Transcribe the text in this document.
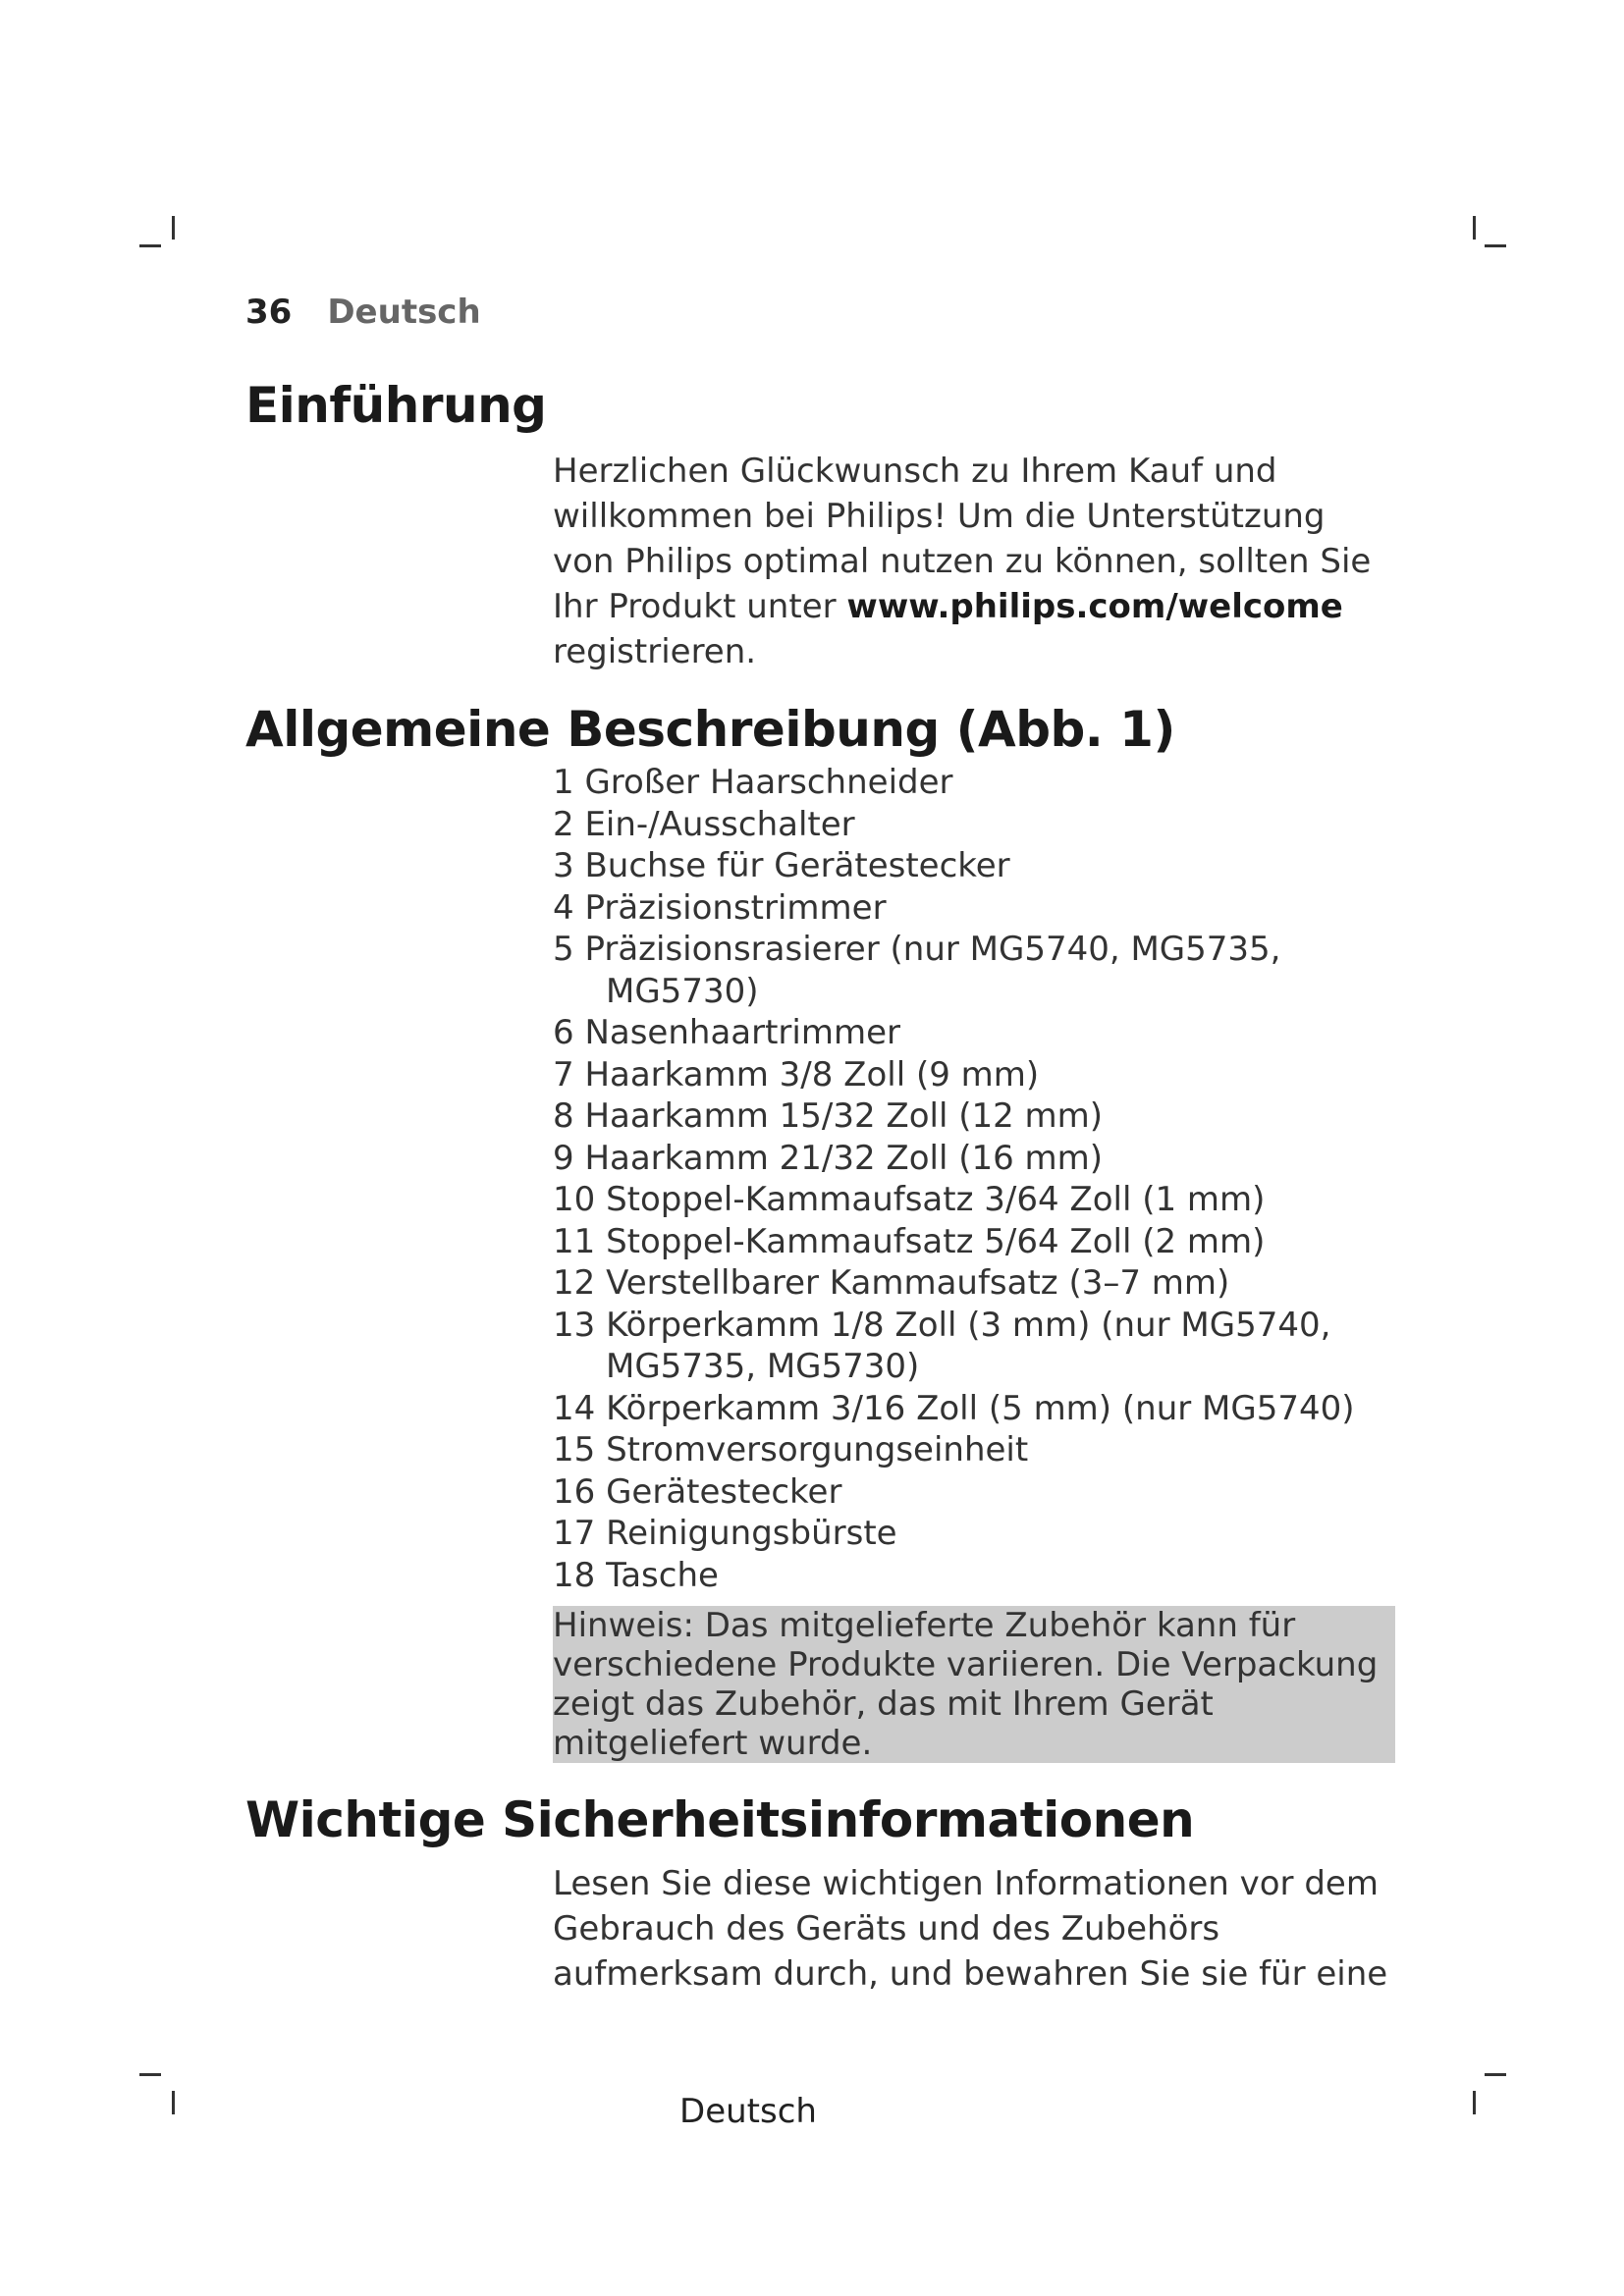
36 Deutsch
Einführung
Herzlichen Glückwunsch zu Ihrem Kauf und willkommen bei Philips! Um die Unterstützung von Philips optimal nutzen zu können, sollten Sie Ihr Produkt unter www.philips.com/welcome registrieren.
Allgemeine Beschreibung (Abb. 1)
1 Großer Haarschneider
2 Ein-/Ausschalter
3 Buchse für Gerätestecker
4 Präzisionstrimmer
5 Präzisionsrasierer (nur MG5740, MG5735, MG5730)
6 Nasenhaartrimmer
7 Haarkamm 3/8 Zoll (9 mm)
8 Haarkamm 15/32 Zoll (12 mm)
9 Haarkamm 21/32 Zoll (16 mm)
10 Stoppel-Kammaufsatz 3/64 Zoll (1 mm)
11 Stoppel-Kammaufsatz 5/64 Zoll (2 mm)
12 Verstellbarer Kammaufsatz (3–7 mm)
13 Körperkamm 1/8 Zoll (3 mm) (nur MG5740, MG5735, MG5730)
14 Körperkamm 3/16 Zoll (5 mm) (nur MG5740)
15 Stromversorgungseinheit
16 Gerätestecker
17 Reinigungsbürste
18 Tasche
Hinweis: Das mitgelieferte Zubehör kann für verschiedene Produkte variieren. Die Verpackung zeigt das Zubehör, das mit Ihrem Gerät mitgeliefert wurde.
Wichtige Sicherheitsinformationen
Lesen Sie diese wichtigen Informationen vor dem Gebrauch des Geräts und des Zubehörs aufmerksam durch, und bewahren Sie sie für eine
Deutsch
